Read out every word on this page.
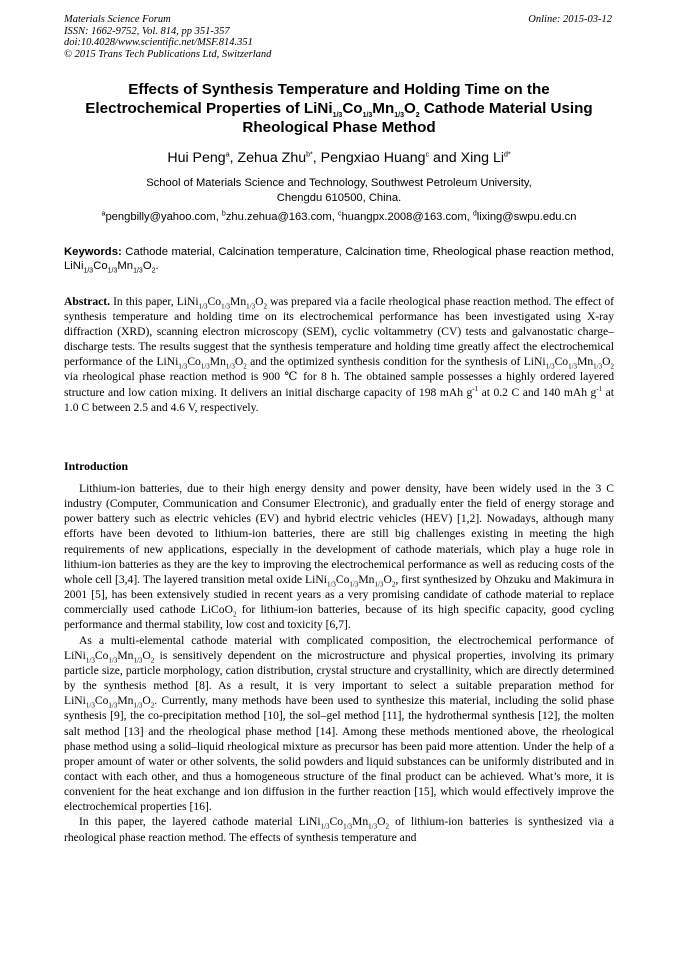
Materials Science Forum
ISSN: 1662-9752, Vol. 814, pp 351-357
doi:10.4028/www.scientific.net/MSF.814.351
© 2015 Trans Tech Publications Ltd, Switzerland
Online: 2015-03-12
Effects of Synthesis Temperature and Holding Time on the
Electrochemical Properties of $LiNi_{1/3}Co_{1/3}Mn_{1/3}O_2$ Cathode Material Using
Rheological Phase Method
Hui Peng$^a$, Zehua Zhu$^{b*}$, Pengxiao Huang$^c$ and Xing $Li^{d*}$
School of Materials Science and Technology, Southwest Petroleum University,
Chengdu 610500, China.
$^a$pengbilly@yahoo.com, $^b$zhu.zehua@163.com, $^c$huangpx.2008@163.com, $^d$lixing@swpu.edu.cn
Keywords: Cathode material, Calcination temperature, Calcination time, Rheological phase reaction method, $LiNi_{1/3}Co_{1/3}Mn_{1/3}O_2$.
Abstract. In this paper, $LiNi_{1/3}Co_{1/3}Mn_{1/3}O_2$ was prepared via a facile rheological phase reaction method. The effect of synthesis temperature and holding time on its electrochemical performance has been investigated using X-ray diffraction (XRD), scanning electron microscopy (SEM), cyclic voltammetry (CV) tests and galvanostatic charge–discharge tests. The results suggest that the synthesis temperature and holding time greatly affect the electrochemical performance of the $LiNi_{1/3}Co_{1/3}Mn_{1/3}O_2$ and the optimized synthesis condition for the synthesis of $LiNi_{1/3}Co_{1/3}Mn_{1/3}O_2$ via rheological phase reaction method is 900 ℃ for 8 h. The obtained sample possesses a highly ordered layered structure and low cation mixing. It delivers an initial discharge capacity of 198 mAh $g^{-1}$ at 0.2 C and 140 mAh $g^{-1}$ at 1.0 C between 2.5 and 4.6 V, respectively.
Introduction

Lithium-ion batteries, due to their high energy density and power density, have been widely used in the 3 C industry (Computer, Communication and Consumer Electronic), and gradually enter the field of energy storage and power battery such as electric vehicles (EV) and hybrid electric vehicles (HEV) [1,2]. Nowadays, although many efforts have been devoted to lithium-ion batteries, there are still big challenges existing in meeting the high requirements of new applications, especially in the development of cathode materials, which play a huge role in lithium-ion batteries as they are the key to improving the electrochemical performance as well as reducing costs of the whole cell [3,4]. The layered transition metal oxide $LiNi_{1/3}Co_{1/3}Mn_{1/3}O_2$, first synthesized by Ohzuku and Makimura in 2001 [5], has been extensively studied in recent years as a very promising candidate of cathode material to replace commercially used cathode LiCoO$_2$ for lithium-ion batteries, because of its high specific capacity, good cycling performance and thermal stability, low cost and toxicity [6,7].

As a multi-elemental cathode material with complicated composition, the electrochemical performance of $LiNi_{1/3}Co_{1/3}Mn_{1/3}O_2$ is sensitively dependent on the microstructure and physical properties, involving its primary particle size, particle morphology, cation distribution, crystal structure and crystallinity, which are directly determined by the synthesis method [8]. As a result, it is very important to select a suitable preparation method for $LiNi_{1/3}Co_{1/3}Mn_{1/3}O_2$. Currently, many methods have been used to synthesize this material, including the solid phase synthesis [9], the co-precipitation method [10], the sol–gel method [11], the hydrothermal synthesis [12], the molten salt method [13] and the rheological phase method [14]. Among these methods mentioned above, the rheological phase method using a solid–liquid rheological mixture as precursor has been paid more attention. Under the help of a proper amount of water or other solvents, the solid powders and liquid substances can be uniformly distributed and in contact with each other, and thus a homogeneous structure of the final product can be achieved. What’s more, it is convenient for the heat exchange and ion diffusion in the further reaction [15], which would effectively improve the electrochemical properties [16].

In this paper, the layered cathode material $LiNi_{1/3}Co_{1/3}Mn_{1/3}O_2$ of lithium-ion batteries is synthesized via a rheological phase reaction method. The effects of synthesis temperature and
